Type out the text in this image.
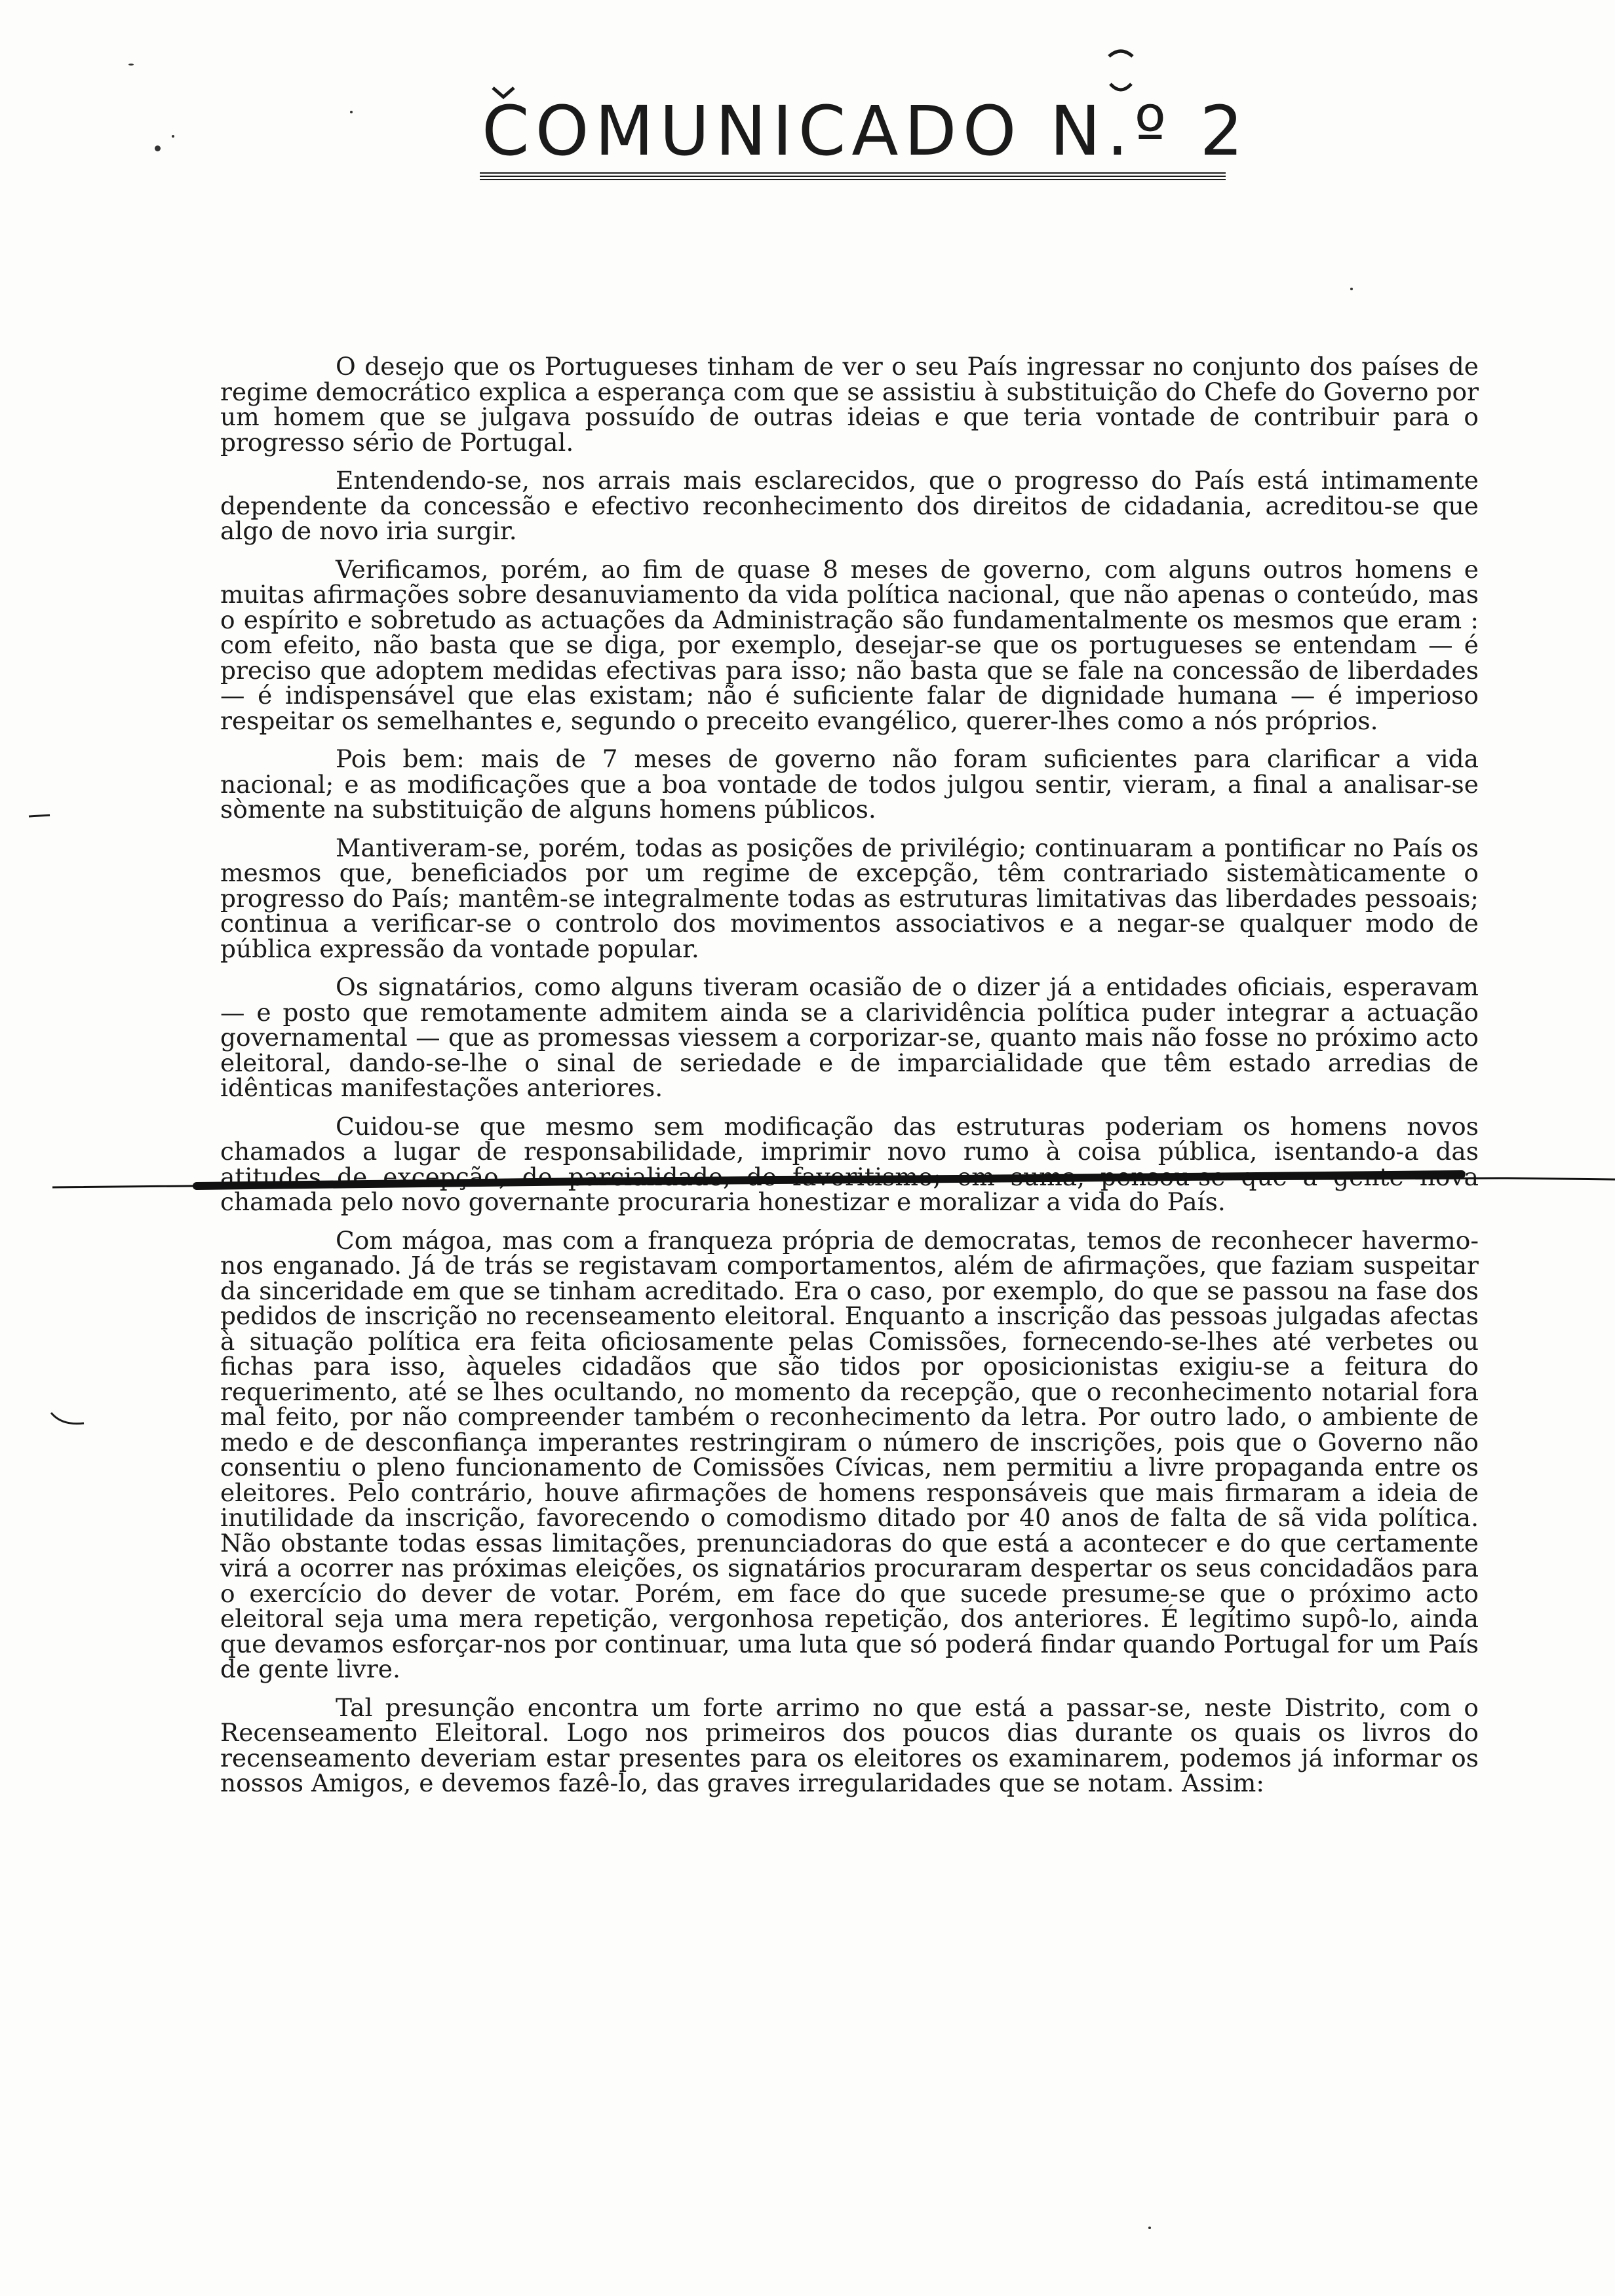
COMUNICADO N.º 2

O desejo que os Portugueses tinham de ver o seu País ingressar no conjunto dos países de regime democrático explica a esperança com que se assistiu à substituição do Chefe do Governo por um homem que se julgava possuído de outras ideias e que teria vontade de contribuir para o progresso sério de Portugal.

Entendendo-se, nos arrais mais esclarecidos, que o progresso do País está intimamente dependente da concessão e efectivo reconhecimento dos direitos de cidadania, acreditou-se que algo de novo iria surgir.

Verificamos, porém, ao fim de quase 8 meses de governo, com alguns outros homens e muitas afirmações sobre desanuviamento da vida política nacional, que não apenas o conteúdo, mas o espírito e sobretudo as actuações da Administração são fundamentalmente os mesmos que eram : com efeito, não basta que se diga, por exemplo, desejar-se que os portugueses se entendam — é preciso que adoptem medidas efectivas para isso; não basta que se fale na concessão de liberdades — é indispensável que elas existam; não é suficiente falar de dignidade humana — é imperioso respeitar os semelhantes e, segundo o preceito evangélico, querer-lhes como a nós próprios.

Pois bem: mais de 7 meses de governo não foram suficientes para clarificar a vida nacional; e as modificações que a boa vontade de todos julgou sentir, vieram, a final a analisar-se sòmente na substituição de alguns homens públicos.

Mantiveram-se, porém, todas as posições de privilégio; continuaram a pontificar no País os mesmos que, beneficiados por um regime de excepção, têm contrariado sistemàticamente o progresso do País; mantêm-se integralmente todas as estruturas limitativas das liberdades pessoais; continua a verificar-se o controlo dos movimentos associativos e a negar-se qualquer modo de pública expressão da vontade popular.

Os signatários, como alguns tiveram ocasião de o dizer já a entidades oficiais, esperavam — e posto que remotamente admitem ainda se a clarividência política puder integrar a actuação governamental — que as promessas viessem a corporizar-se, quanto mais não fosse no próximo acto eleitoral, dando-se-lhe o sinal de seriedade e de imparcialidade que têm estado arredias de idênticas manifestações anteriores.

Cuidou-se que mesmo sem modificação das estruturas poderiam os homens novos chamados a lugar de responsabilidade, imprimir novo rumo à coisa pública, isentando-a das atitudes de excepção, de parcialidade, de favoritismo; em suma, pensou-se que a gente nova chamada pelo novo governante procuraria honestizar e moralizar a vida do País.

Com mágoa, mas com a franqueza própria de democratas, temos de reconhecer havermo-nos enganado. Já de trás se registavam comportamentos, além de afirmações, que faziam suspeitar da sinceridade em que se tinham acreditado. Era o caso, por exemplo, do que se passou na fase dos pedidos de inscrição no recenseamento eleitoral. Enquanto a inscrição das pessoas julgadas afectas à situação política era feita oficiosamente pelas Comissões, fornecendo-se-lhes até verbetes ou fichas para isso, àqueles cidadãos que são tidos por oposicionistas exigiu-se a feitura do requerimento, até se lhes ocultando, no momento da recepção, que o reconhecimento notarial fora mal feito, por não compreender também o reconhecimento da letra. Por outro lado, o ambiente de medo e de desconfiança imperantes restringiram o número de inscrições, pois que o Governo não consentiu o pleno funcionamento de Comissões Cívicas, nem permitiu a livre propaganda entre os eleitores. Pelo contrário, houve afirmações de homens responsáveis que mais firmaram a ideia de inutilidade da inscrição, favorecendo o comodismo ditado por 40 anos de falta de sã vida política. Não obstante todas essas limitações, prenunciadoras do que está a acontecer e do que certamente virá a ocorrer nas próximas eleições, os signatários procuraram despertar os seus concidadãos para o exercício do dever de votar. Porém, em face do que sucede presume-se que o próximo acto eleitoral seja uma mera repetição, vergonhosa repetição, dos anteriores. É legítimo supô-lo, ainda que devamos esforçar-nos por continuar, uma luta que só poderá findar quando Portugal for um País de gente livre.

Tal presunção encontra um forte arrimo no que está a passar-se, neste Distrito, com o Recenseamento Eleitoral. Logo nos primeiros dos poucos dias durante os quais os livros do recenseamento deveriam estar presentes para os eleitores os examinarem, podemos já informar os nossos Amigos, e devemos fazê-lo, das graves irregularidades que se notam. Assim:
